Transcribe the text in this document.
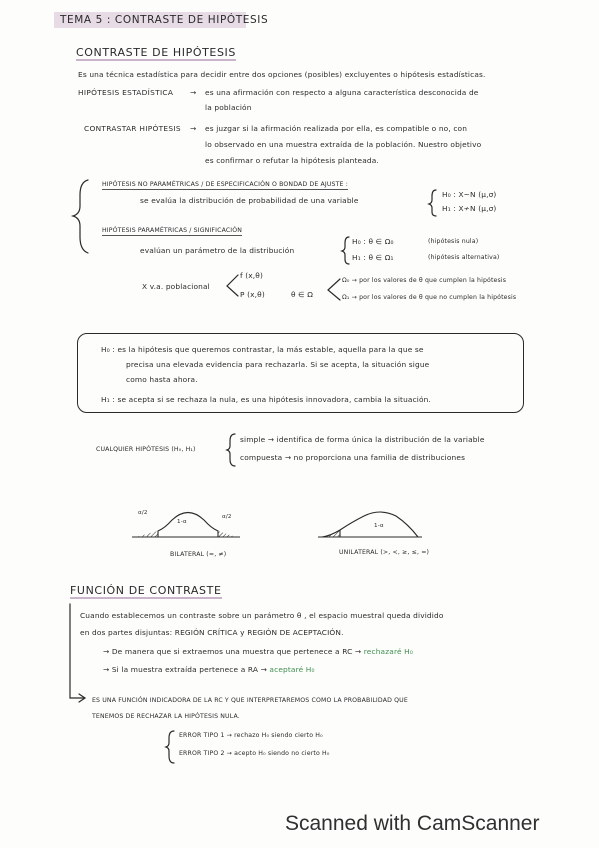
TEMA 5 : CONTRASTE DE HIPÓTESIS
CONTRASTE DE HIPÓTESIS
Es una técnica estadística para decidir entre dos opciones (posibles) excluyentes o hipótesis estadísticas.
HIPÓTESIS ESTADÍSTICA → es una afirmación con respecto a alguna característica desconocida de
la población
CONTRASTAR HIPÓTESIS → es juzgar si la afirmación realizada por ella, es compatible o no, con
lo observado en una muestra extraída de la población. Nuestro objetivo
es confirmar o refutar la hipótesis planteada.
HIPÓTESIS NO PARAMÉTRICAS / DE ESPECIFICACIÓN O BONDAD DE AJUSTE :
se evalúa la distribución de probabilidad de una variable
H₀ : X~N (μ,σ)
H₁ : X≁N (μ,σ)
HIPÓTESIS PARAMÉTRICAS / SIGNIFICACIÓN
evalúan un parámetro de la distribución
H₀ : θ ∈ Ω₀	(hipótesis nula)
H₁ : θ ∈ Ω₁	(hipótesis alternativa)
X v.a. poblacional
f (x,θ)
P (x,θ)	θ ∈ Ω
Ω₀ → por los valores de θ que cumplen la hipótesis
Ω₁ → por los valores de θ que no cumplen la hipótesis
H₀ : es la hipótesis que queremos contrastar, la más estable, aquella para la que se
precisa una elevada evidencia para rechazarla. Si se acepta, la situación sigue
como hasta ahora.
H₁ : se acepta si se rechaza la nula, es una hipótesis innovadora, cambia la situación.
CUALQUIER HIPÓTESIS (H₀, H₁)
simple → identifica de forma única la distribución de la variable
compuesta → no proporciona una familia de distribuciones
α/2
1-α
α/2
BILATERAL (=, ≠)
1-α
UNILATERAL (>, <, ≥, ≤, =)
FUNCIÓN DE CONTRASTE
Cuando establecemos un contraste sobre un parámetro θ , el espacio muestral queda dividido
en dos partes disjuntas: REGIÓN CRÍTICA y REGIÓN DE ACEPTACIÓN.
→ De manera que si extraemos una muestra que pertenece a RC → rechazaré H₀
→ Si la muestra extraída pertenece a RA → aceptaré H₀
ES UNA FUNCIÓN INDICADORA DE LA RC Y QUE INTERPRETAREMOS COMO LA PROBABILIDAD QUE
TENEMOS DE RECHAZAR LA HIPÓTESIS NULA.
ERROR TIPO 1 → rechazo H₀ siendo cierto H₀
ERROR TIPO 2 → acepto H₀ siendo no cierto H₀
Scanned with CamScanner
